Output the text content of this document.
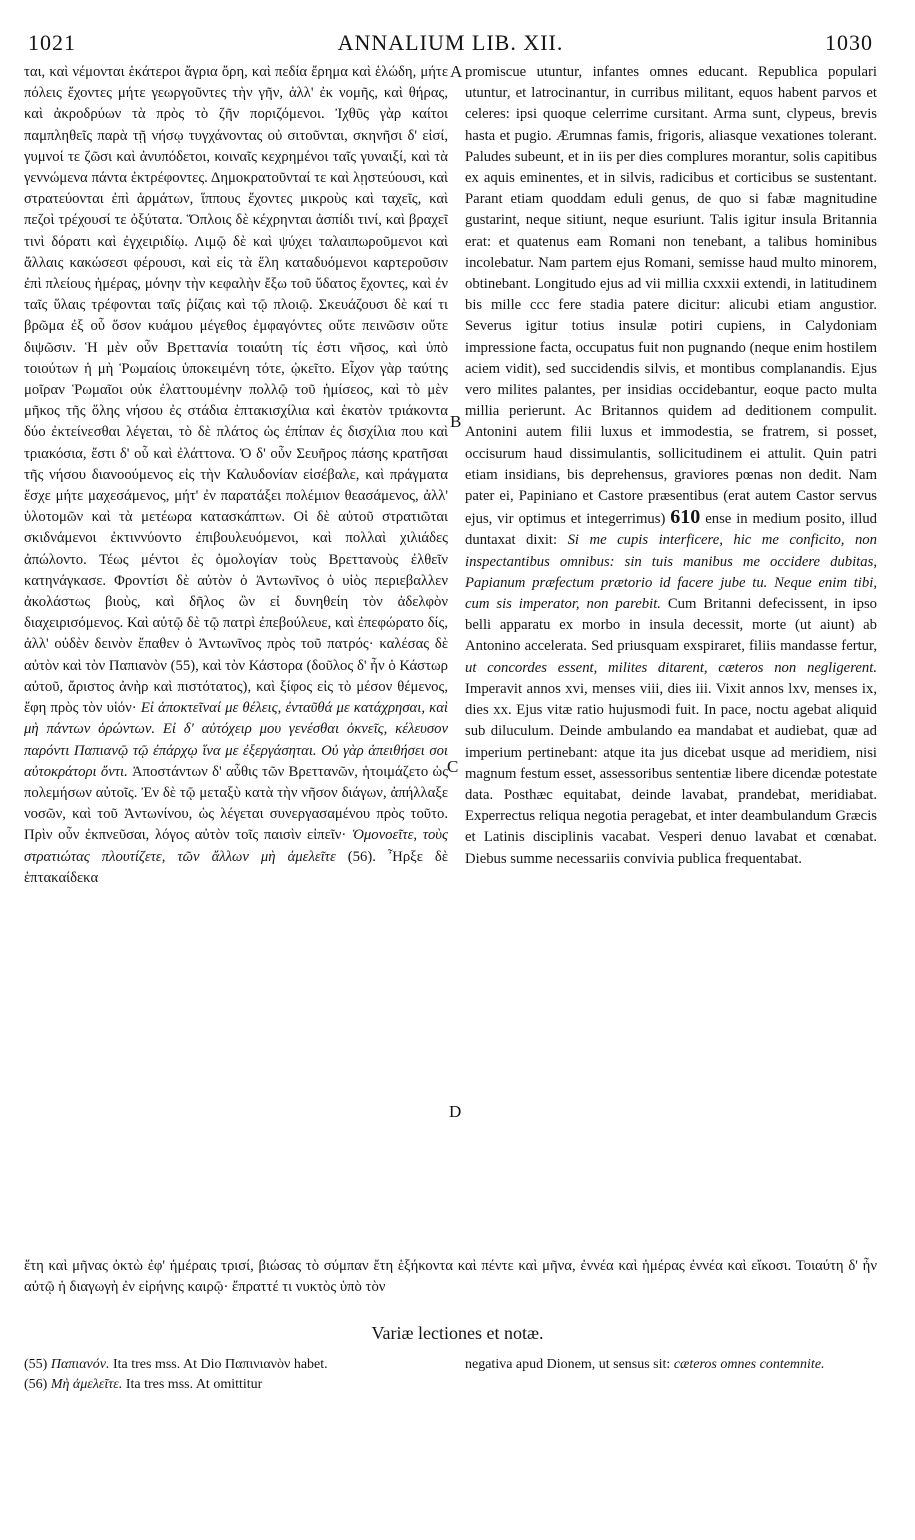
1021	ANNALIUM LIB. XII.	1030

ται, καὶ νέμονται ἑκάτεροι ἄγρια ὄρη, καὶ πεδία ἔρημα καὶ ἑλώδη, μήτε πόλεις ἔχοντες μήτε γεωργοῦντες τὴν γῆν, ἀλλ' ἐκ νομῆς, καὶ θήρας, καὶ ἀκροδρύων τὰ πρὸς τὸ ζῆν ποριζόμενοι. Ἰχθῦς γὰρ καίτοι παμπληθεῖς παρὰ τῇ νήσῳ τυγχάνοντας οὐ σιτοῦνται, σκηνῆσι δ' εἰσί, γυμνοί τε ζῶσι καὶ ἀνυπόδετοι, κοιναῖς κεχρημένοι ταῖς γυναιξί, καὶ τὰ γεννώμενα πάντα ἐκτρέφοντες. Δημοκρατοῦνταί τε καὶ λῃστεύουσι, καὶ στρατεύονται ἐπὶ ἁρμάτων, ἵππους ἔχοντες μικροὺς καὶ ταχεῖς, καὶ πεζοὶ τρέχουσί τε ὀξύτατα. Ὅπλοις δὲ κέχρηνται ἀσπίδι τινί, καὶ βραχεῖ τινὶ δόρατι καὶ ἐγχειριδίῳ. Λιμῷ δὲ καὶ ψύχει ταλαιπωροῦμενοι καὶ ἄλλαις κακώσεσι φέρουσι, καὶ εἰς τὰ ἕλη καταδυόμενοι καρτεροῦσιν ἐπὶ πλείους ἡμέρας, μόνην τὴν κεφαλὴν ἔξω τοῦ ὕδατος ἔχοντες, καὶ ἐν ταῖς ὕλαις τρέφονται ταῖς ῥίζαις καὶ τῷ πλοιῷ. Σκευάζουσι δὲ καί τι βρῶμα ἐξ οὗ ὅσον κυάμου μέγεθος ἐμφαγόντες οὔτε πεινῶσιν οὔτε διψῶσιν. Ἡ μὲν οὖν Βρεττανία τοιαύτη τίς ἐστι νῆσος, καὶ ὑπὸ τοιούτων ἡ μὴ Ῥωμαίοις ὑποκειμένη τότε, ᾠκεῖτο. Εἶχον γὰρ ταύτης μοῖραν Ῥωμαῖοι οὐκ ἐλαττουμένην πολλῷ τοῦ ἡμίσεος, καὶ τὸ μὲν μῆκος τῆς ὅλης νήσου ἐς στάδια ἑπτακισχίλια καὶ ἑκατὸν τριάκοντα δύο ἐκτείνεσθαι λέγεται, τὸ δὲ πλάτος ὡς ἐπίπαν ἐς δισχίλια που καὶ τριακόσια, ἔστι δ' οὗ καὶ ἐλάττονα. Ὁ δ' οὖν Σευῆρος πάσης κρατῆσαι τῆς νήσου διανοούμενος εἰς τὴν Καλυδονίαν εἰσέβαλε, καὶ πράγματα ἔσχε μήτε μαχεσάμενος, μήτ' ἐν παρατάξει πολέμιον θεασάμενος, ἀλλ' ὑλοτομῶν καὶ τὰ μετέωρα κατασκάπτων. Οἱ δὲ αὐτοῦ στρατιῶται σκιδνάμενοι ἐκτιννύοντο ἐπιβουλευόμενοι, καὶ πολλαὶ χιλιάδες ἀπώλοντο. Τέως μέντοι ἐς ὁμολογίαν τοὺς Βρεττανοὺς ἐλθεῖν κατηνάγκασε. Φροντίσι δὲ αὐτὸν ὁ Ἀντωνῖνος ὁ υἱὸς περιεβαλλεν ἀκολάστως βιοὺς, καὶ δῆλος ὢν εἰ δυνηθείη τὸν ἀδελφὸν διαχειρισόμενος. Καὶ αὐτῷ δὲ τῷ πατρὶ ἐπεβούλευε, καὶ ἐπεφώρατο δίς, ἀλλ' οὐδὲν δεινὸν ἔπαθεν ὁ Ἀντωνῖνος πρὸς τοῦ πατρός· καλέσας δὲ αὐτὸν καὶ τὸν Παπιανὸν (55), καὶ τὸν Κάστορα (δοῦλος δ' ἦν ὁ Κάστωρ αὐτοῦ, ἄριστος ἀνὴρ καὶ πιστότατος), καὶ ξίφος εἰς τὸ μέσον θέμενος, ἔφη πρὸς τὸν υἱόν· Εἰ ἀποκτεῖναί με θέλεις, ἐνταῦθά με κατάχρησαι, καὶ μὴ πάντων ὁρώντων. Εἰ δ' αὐτόχειρ μου γενέσθαι ὀκνεῖς, κέλευσον παρόντι Παπιανῷ τῷ ἐπάρχῳ ἵνα με ἐξεργάσηται. Οὐ γὰρ ἀπειθήσει σοι αὐτοκράτορι ὄντι. Ἀποστάντων δ' αὖθις τῶν Βρεττανῶν, ἡτοιμάζετο ὡς πολεμήσων αὐτοῖς. Ἐν δὲ τῷ μεταξὺ κατὰ τὴν νῆσον διάγων, ἀπήλλαξε νοσῶν, καὶ τοῦ Ἀντωνίνου, ὡς λέγεται συνεργασαμένου πρὸς τοῦτο. Πρὶν οὖν ἐκπνεῦσαι, λόγος αὐτὸν τοῖς παισὶν εἰπεῖν· Ὁμονοεῖτε, τοὺς στρατιώτας πλουτίζετε, τῶν ἄλλων μὴ ἀμελεῖτε (56). Ἦρξε δὲ ἑπτακαίδεκα

A
B
C
D

promiscue utuntur, infantes omnes educant. Republica populari utuntur, et latrocinantur, in curribus militant, equos habent parvos et celeres: ipsi quoque celerrime cursitant. Arma sunt, clypeus, brevis hasta et pugio. Ærumnas famis, frigoris, aliasque vexationes tolerant. Paludes subeunt, et in iis per dies complures morantur, solis capitibus ex aquis eminentes, et in silvis, radicibus et corticibus se sustentant. Parant etiam quoddam eduli genus, de quo si fabæ magnitudine gustarint, neque sitiunt, neque esuriunt. Talis igitur insula Britannia erat: et quatenus eam Romani non tenebant, a talibus hominibus incolebatur. Nam partem ejus Romani, semisse haud multo minorem, obtinebant. Longitudo ejus ad vii millia cxxxii extendi, in latitudinem bis mille ccc fere stadia patere dicitur: alicubi etiam angustior. Severus igitur totius insulæ potiri cupiens, in Calydoniam impressione facta, occupatus fuit non pugnando (neque enim hostilem aciem vidit), sed succidendis silvis, et montibus complanandis. Ejus vero milites palantes, per insidias occidebantur, eoque pacto multa millia perierunt. Ac Britannos quidem ad deditionem compulit. Antonini autem filii luxus et immodestia, se fratrem, si posset, occisurum haud dissimulantis, sollicitudinem ei attulit. Quin patri etiam insidians, bis deprehensus, graviores pœnas non dedit. Nam pater ei, Papiniano et Castore præsentibus (erat autem Castor servus ejus, vir optimus et integerrimus) 610 ense in medium posito, illud duntaxat dixit: Si me cupis interficere, hic me conficito, non inspectantibus omnibus: sin tuis manibus me occidere dubitas, Papianum præfectum prætorio id facere jube tu. Neque enim tibi, cum sis imperator, non parebit. Cum Britanni defecissent, in ipso belli apparatu ex morbo in insula decessit, morte (ut aiunt) ab Antonino accelerata. Sed priusquam exspiraret, filiis mandasse fertur, ut concordes essent, milites ditarent, cæteros non negligerent. Imperavit annos xvi, menses viii, dies iii. Vixit annos lxv, menses ix, dies xx. Ejus vitæ ratio hujusmodi fuit. In pace, noctu agebat aliquid sub diluculum. Deinde ambulando ea mandabat et audiebat, quæ ad imperium pertinebant: atque ita jus dicebat usque ad meridiem, nisi magnum festum esset, assessoribus sententiæ libere dicendæ potestate data. Posthæc equitabat, deinde lavabat, prandebat, meridiabat. Experrectus reliqua negotia peragebat, et inter deambulandum Græcis et Latinis disciplinis vacabat. Vesperi denuo lavabat et cœnabat. Diebus summe necessariis convivia publica frequentabat.

ἔτη καὶ μῆνας ὀκτὼ ἐφ' ἡμέραις τρισί, βιώσας τὸ σύμπαν ἔτη ἑξήκοντα καὶ πέντε καὶ μῆνα, ἐννέα καὶ ἡμέρας ἐννέα καὶ εἴκοσι. Τοιαύτη δ' ἦν αὐτῷ ἡ διαγωγὴ ἐν εἰρήνης καιρῷ· ἔπραττέ τι νυκτὸς ὑπὸ τὸν
Variæ lectiones et notæ.

(55) Παπιανόν. Ita tres mss. At Dio Παπινιανὸν habet.

(56) Μὴ ἀμελεῖτε. Ita tres mss. At omittitur

negativa apud Dionem, ut sensus sit: cæteros omnes contemnite.
